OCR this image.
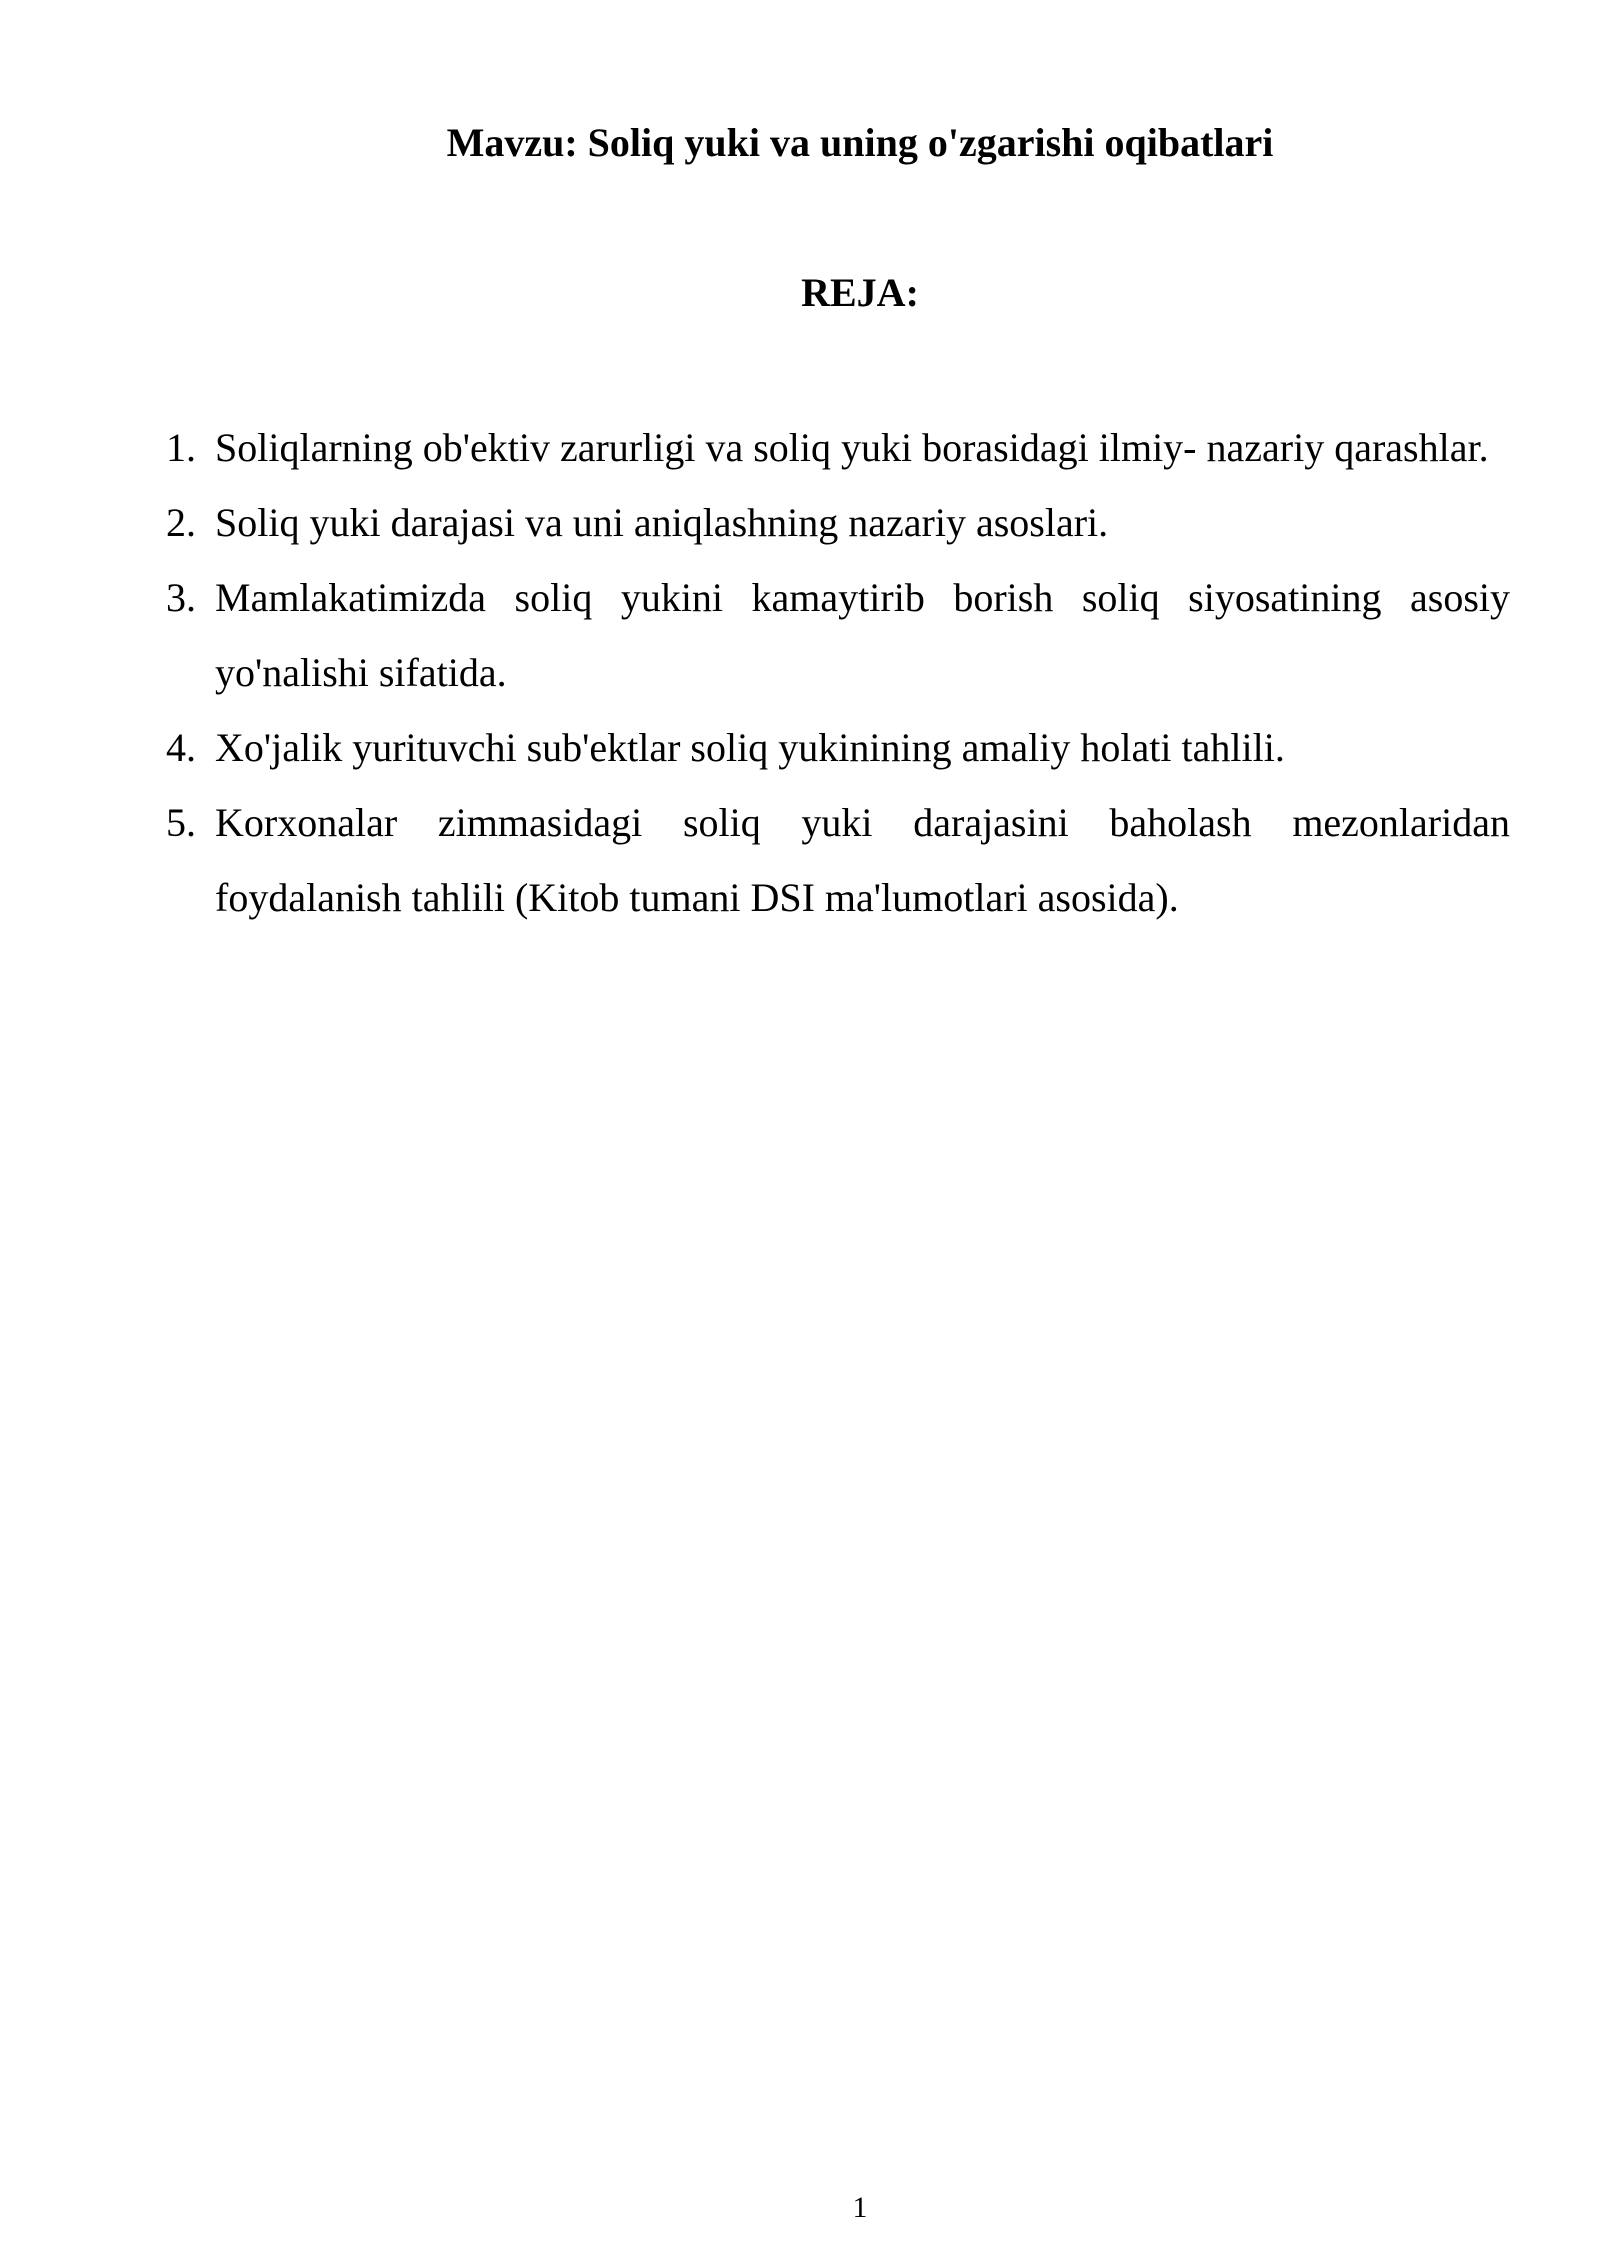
Mavzu: Soliq yuki va uning o'zgarishi oqibatlari
REJA:
1. Soliqlarning ob'ektiv zarurligi va soliq yuki borasidagi ilmiy- nazariy qarashlar.
2. Soliq yuki darajasi va uni aniqlashning nazariy asoslari.
3. Mamlakatimizda soliq yukini kamaytirib borish soliq siyosatining asosiy yo'nalishi sifatida.
4. Xo'jalik yurituvchi sub'ektlar soliq yukinining amaliy holati tahlili.
5. Korxonalar zimmasidagi soliq yuki darajasini baholash mezonlaridan foydalanish tahlili (Kitob tumani DSI ma'lumotlari asosida).
1
